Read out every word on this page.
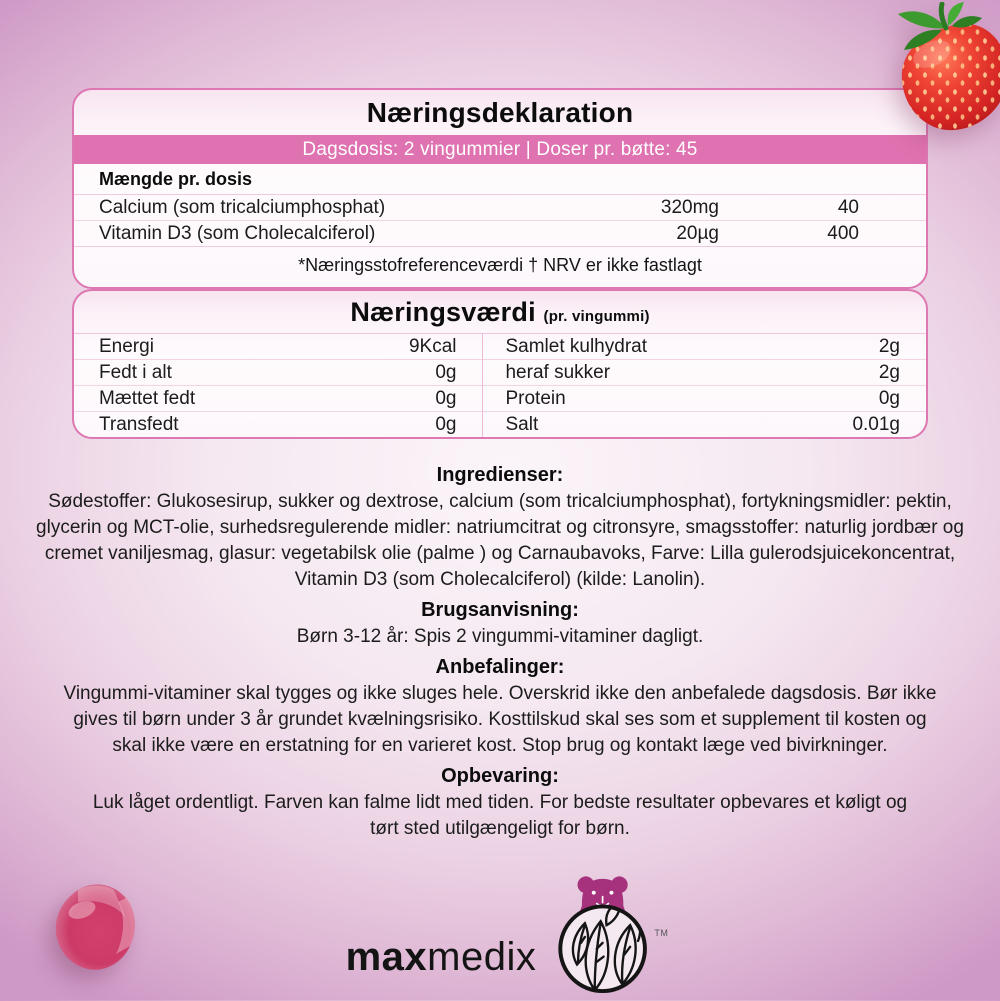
Næringsdeklaration
Dagsdosis: 2 vingummier | Doser pr. bøtte: 45
Mængde pr. dosis
Calcium (som tricalciumphosphat)	320mg	40
Vitamin D3 (som Cholecalciferol)	20µg	400
*Næringsstofreferenceværdi † NRV er ikke fastlagt
Næringsværdi (pr. vingummi)
Energi	9Kcal
Fedt i alt	0g
Mættet fedt	0g
Transfedt	0g
Samlet kulhydrat	2g
heraf sukker	2g
Protein	0g
Salt	0.01g
Ingredienser:

Sødestoffer: Glukosesirup, sukker og dextrose, calcium (som tricalciumphosphat), fortykningsmidler: pektin, glycerin og MCT-olie, surhedsregulerende midler: natriumcitrat og citronsyre, smagsstoffer: naturlig jordbær og cremet vaniljesmag, glasur: vegetabilsk olie (palme ) og Carnaubavoks, Farve: Lilla gulerodsjuicekoncentrat, Vitamin D3 (som Cholecalciferol) (kilde: Lanolin).

Brugsanvisning:

Børn 3-12 år: Spis 2 vingummi-vitaminer dagligt.

Anbefalinger:

Vingummi-vitaminer skal tygges og ikke sluges hele. Overskrid ikke den anbefalede dagsdosis. Bør ikke gives til børn under 3 år grundet kvælningsrisiko. Kosttilskud skal ses som et supplement til kosten og skal ikke være en erstatning for en varieret kost. Stop brug og kontakt læge ved bivirkninger.

Opbevaring:

Luk låget ordentligt. Farven kan falme lidt med tiden. For bedste resultater opbevares et køligt og tørt sted utilgængeligt for børn.

maxmedix
TM
